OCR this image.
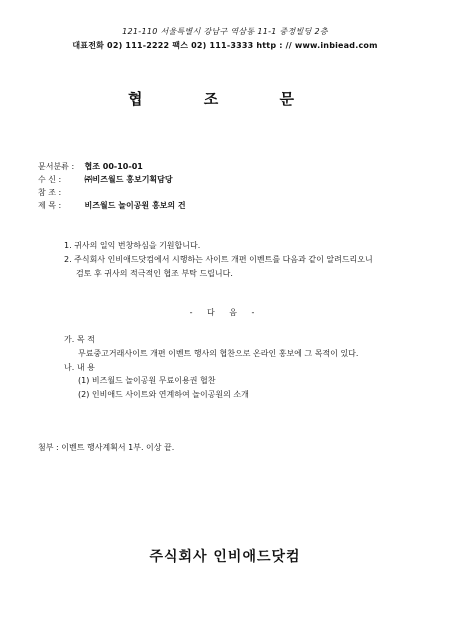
121-110 서울특별시 강남구 역삼동 11-1 중정빌딩 2층
대표전화 02) 111-2222 팩스 02) 111-3333 http : // www.inbiead.com
협 조 문
문서분류 : 협조 00-10-01
수 신 :	㈜비즈월드 홍보기획담당
참 조 :
제 목 :	비즈월드 놀이공원 홍보의 건
1. 귀사의 일익 번창하심을 기원합니다.
2. 주식회사 인비애드닷컴에서 시행하는 사이트 개편 이벤트를 다음과 같이 알려드리오니
검토 후 귀사의 적극적인 협조 부탁 드립니다.
- 다 음 -
가. 목 적
무료중고거래사이트 개편 이벤트 행사의 협찬으로 온라인 홍보에 그 목적이 있다.
나. 내 용
(1) 비즈월드 놀이공원 무료이용권 협찬
(2) 인비애드 사이트와 연계하여 놀이공원의 소개
첨부 : 이벤트 행사계획서 1부. 이상 끝.
주식회사 인비애드닷컴
